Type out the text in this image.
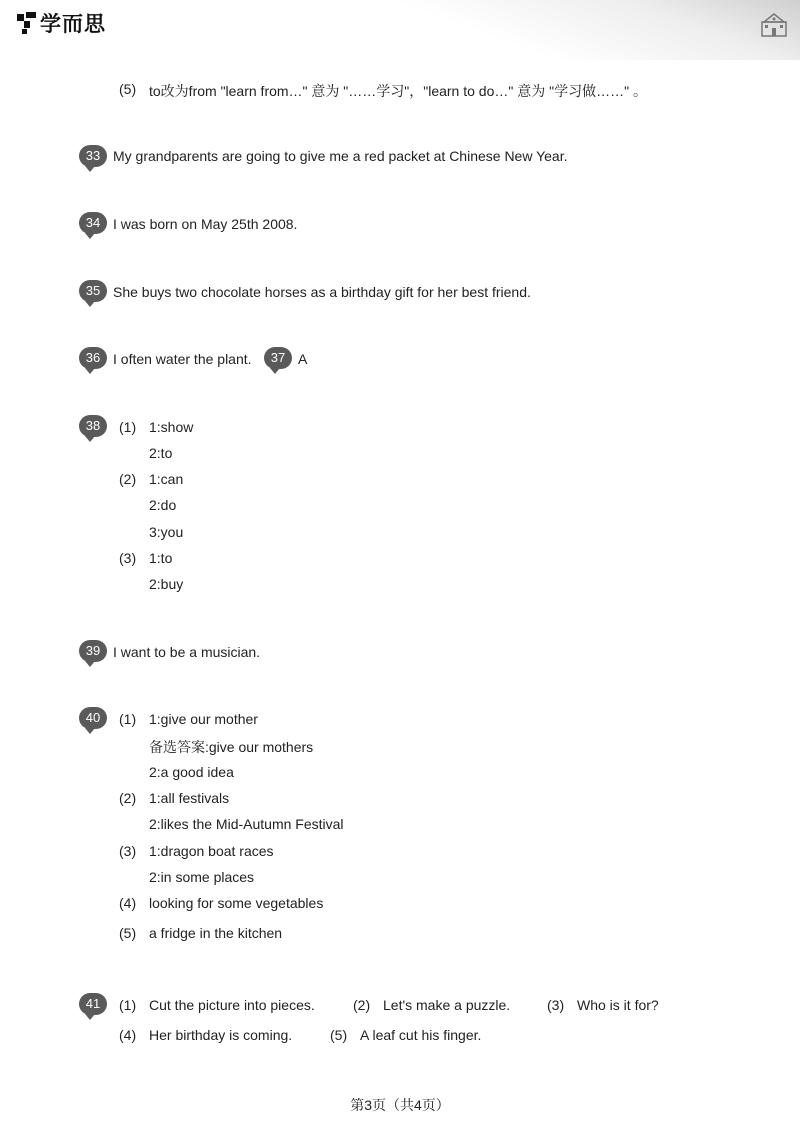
学而思
(5) to改为from "learn from…" 意为 "……学习"，"learn to do…" 意为 "学习做……" 。
33 My grandparents are going to give me a red packet at Chinese New Year.
34 I was born on May 25th 2008.
35 She buys two chocolate horses as a birthday gift for her best friend.
36 I often water the plant.	37 A
38	(1) 1:show
2:to
(2) 1:can
2:do
3:you
(3) 1:to
2:buy
39 I want to be a musician.
40	(1) 1:give our mother
备选答案:give our mothers
2:a good idea
(2) 1:all festivals
2:likes the Mid-Autumn Festival
(3) 1:dragon boat races
2:in some places
(4) looking for some vegetables
(5) a fridge in the kitchen
41	(1) Cut the picture into pieces.	(2) Let's make a puzzle.	(3) Who is it for?
(4) Her birthday is coming.	(5) A leaf cut his finger.
第3页（共4页）
